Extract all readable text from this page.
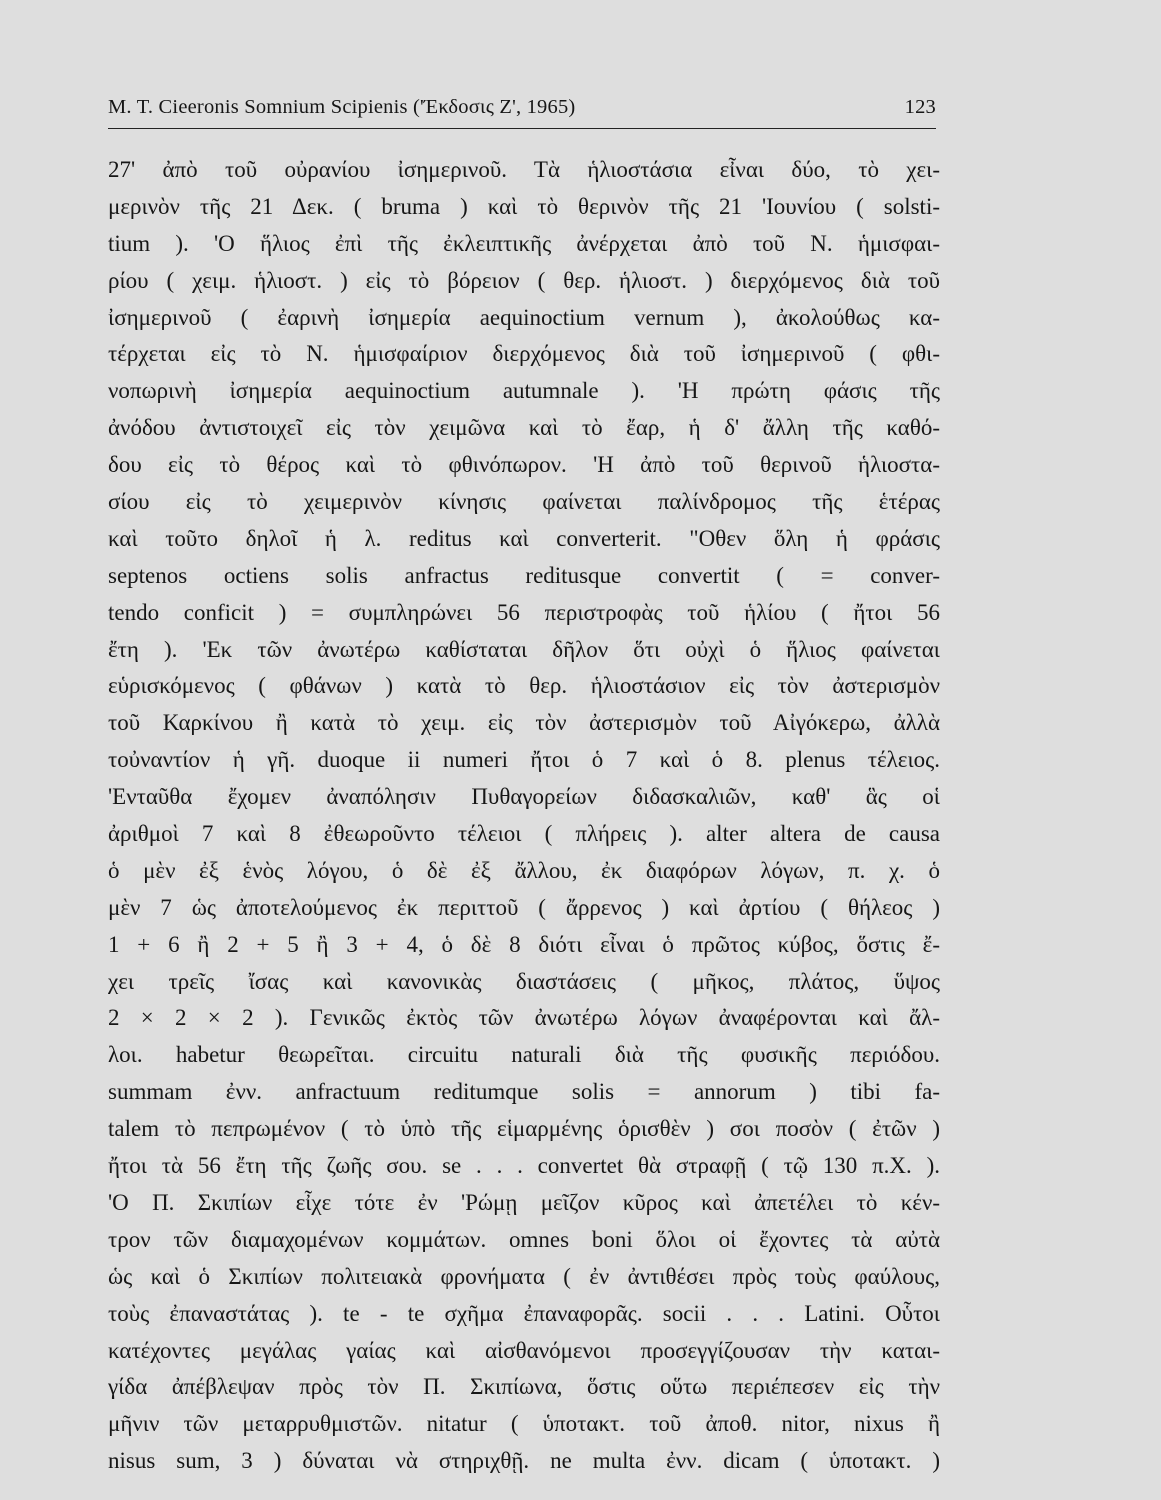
M. T. Cieeronis Somnium Scipienis ('Έκδοσις Ζ', 1965)	123
27' ἀπὸ τοῦ οὐρανίου ἰσημερινοῦ. Τὰ ἡλιοστάσια εἶναι δύο, τὸ χει-
μερινὸν τῆς 21 Δεκ. ( bruma ) καὶ τὸ θερινὸν τῆς 21 'Ιουνίου ( solsti-
tium ). 'Ο ἥλιος ἐπὶ τῆς ἐκλειπτικῆς ἀνέρχεται ἀπὸ τοῦ Ν. ἡμισφαι-
ρίου ( χειμ. ἡλιοστ. ) εἰς τὸ βόρειον ( θερ. ἡλιοστ. ) διερχόμενος διὰ τοῦ
ἰσημερινοῦ ( ἐαρινὴ ἰσημερία aequinoctium vernum ), ἀκολούθως κα-
τέρχεται εἰς τὸ Ν. ἡμισφαίριον διερχόμενος διὰ τοῦ ἰσημερινοῦ ( φθι-
νοπωρινὴ ἰσημερία aequinoctium autumnale ). 'Η πρώτη φάσις τῆς
ἀνόδου ἀντιστοιχεῖ εἰς τὸν χειμῶνα καὶ τὸ ἔαρ, ἡ δ' ἄλλη τῆς καθό-
δου εἰς τὸ θέρος καὶ τὸ φθινόπωρον. 'Η ἀπὸ τοῦ θερινοῦ ἡλιοστα-
σίου εἰς τὸ χειμερινὸν κίνησις φαίνεται παλίνδρομος τῆς ἑτέρας
καὶ τοῦτο δηλοῖ ἡ λ. reditus καὶ converterit. "Οθεν ὅλη ἡ φράσις
septenos octiens solis anfractus reditusque convertit ( = conver-
tendo conficit ) = συμπληρώνει 56 περιστροφὰς τοῦ ἡλίου ( ἤτοι 56
ἔτη ). 'Εκ τῶν ἀνωτέρω καθίσταται δῆλον ὅτι οὐχὶ ὁ ἥλιος φαίνεται
εὑρισκόμενος ( φθάνων ) κατὰ τὸ θερ. ἡλιοστάσιον εἰς τὸν ἀστερισμὸν
τοῦ Καρκίνου ἢ κατὰ τὸ χειμ. εἰς τὸν ἀστερισμὸν τοῦ Αἰγόκερω, ἀλλὰ
τοὐναντίον ἡ γῆ. duoque ii numeri ἤτοι ὁ 7 καὶ ὁ 8. plenus τέλειος.
'Ενταῦθα ἔχομεν ἀναπόλησιν Πυθαγορείων διδασκαλιῶν, καθ' ἃς οἱ
ἀριθμοὶ 7 καὶ 8 ἐθεωροῦντο τέλειοι ( πλήρεις ). alter altera de causa
ὁ μὲν ἐξ ἑνὸς λόγου, ὁ δὲ ἐξ ἄλλου, ἐκ διαφόρων λόγων, π. χ. ὁ
μὲν 7 ὡς ἀποτελούμενος ἐκ περιττοῦ ( ἄρρενος ) καὶ ἀρτίου ( θήλεος )
1 + 6 ἢ 2 + 5 ἢ 3 + 4, ὁ δὲ 8 διότι εἶναι ὁ πρῶτος κύβος, ὅστις ἔ-
χει τρεῖς ἴσας καὶ κανονικὰς διαστάσεις ( μῆκος, πλάτος, ὕψος
2 × 2 × 2 ). Γενικῶς ἐκτὸς τῶν ἀνωτέρω λόγων ἀναφέρονται καὶ ἄλ-
λοι. habetur θεωρεῖται. circuitu naturali διὰ τῆς φυσικῆς περιόδου.
summam ἐνν. anfractuum reditumque solis = annorum ) tibi fa-
talem τὸ πεπρωμένον ( τὸ ὑπὸ τῆς εἱμαρμένης ὁρισθὲν ) σοι ποσὸν ( ἐτῶν )
ἤτοι τὰ 56 ἔτη τῆς ζωῆς σου. se . . . convertet θὰ στραφῇ ( τῷ 130 π.Χ. ).
'Ο Π. Σκιπίων εἶχε τότε ἐν 'Ρώμῃ μεῖζον κῦρος καὶ ἀπετέλει τὸ κέν-
τρον τῶν διαμαχομένων κομμάτων. omnes boni ὅλοι οἱ ἔχοντες τὰ αὐτὰ
ὡς καὶ ὁ Σκιπίων πολιτειακὰ φρονήματα ( ἐν ἀντιθέσει πρὸς τοὺς φαύλους,
τοὺς ἐπαναστάτας ). te - te σχῆμα ἐπαναφορᾶς. socii . . . Latini. Οὗτοι
κατέχοντες μεγάλας γαίας καὶ αἰσθανόμενοι προσεγγίζουσαν τὴν καται-
γίδα ἀπέβλεψαν πρὸς τὸν Π. Σκιπίωνα, ὅστις οὕτω περιέπεσεν εἰς τὴν
μῆνιν τῶν μεταρρυθμιστῶν. nitatur ( ὑποτακτ. τοῦ ἀποθ. nitor, nixus ἢ
nisus sum, 3 ) δύναται νὰ στηριχθῇ. ne multa ἐνν. dicam ( ὑποτακτ. )
